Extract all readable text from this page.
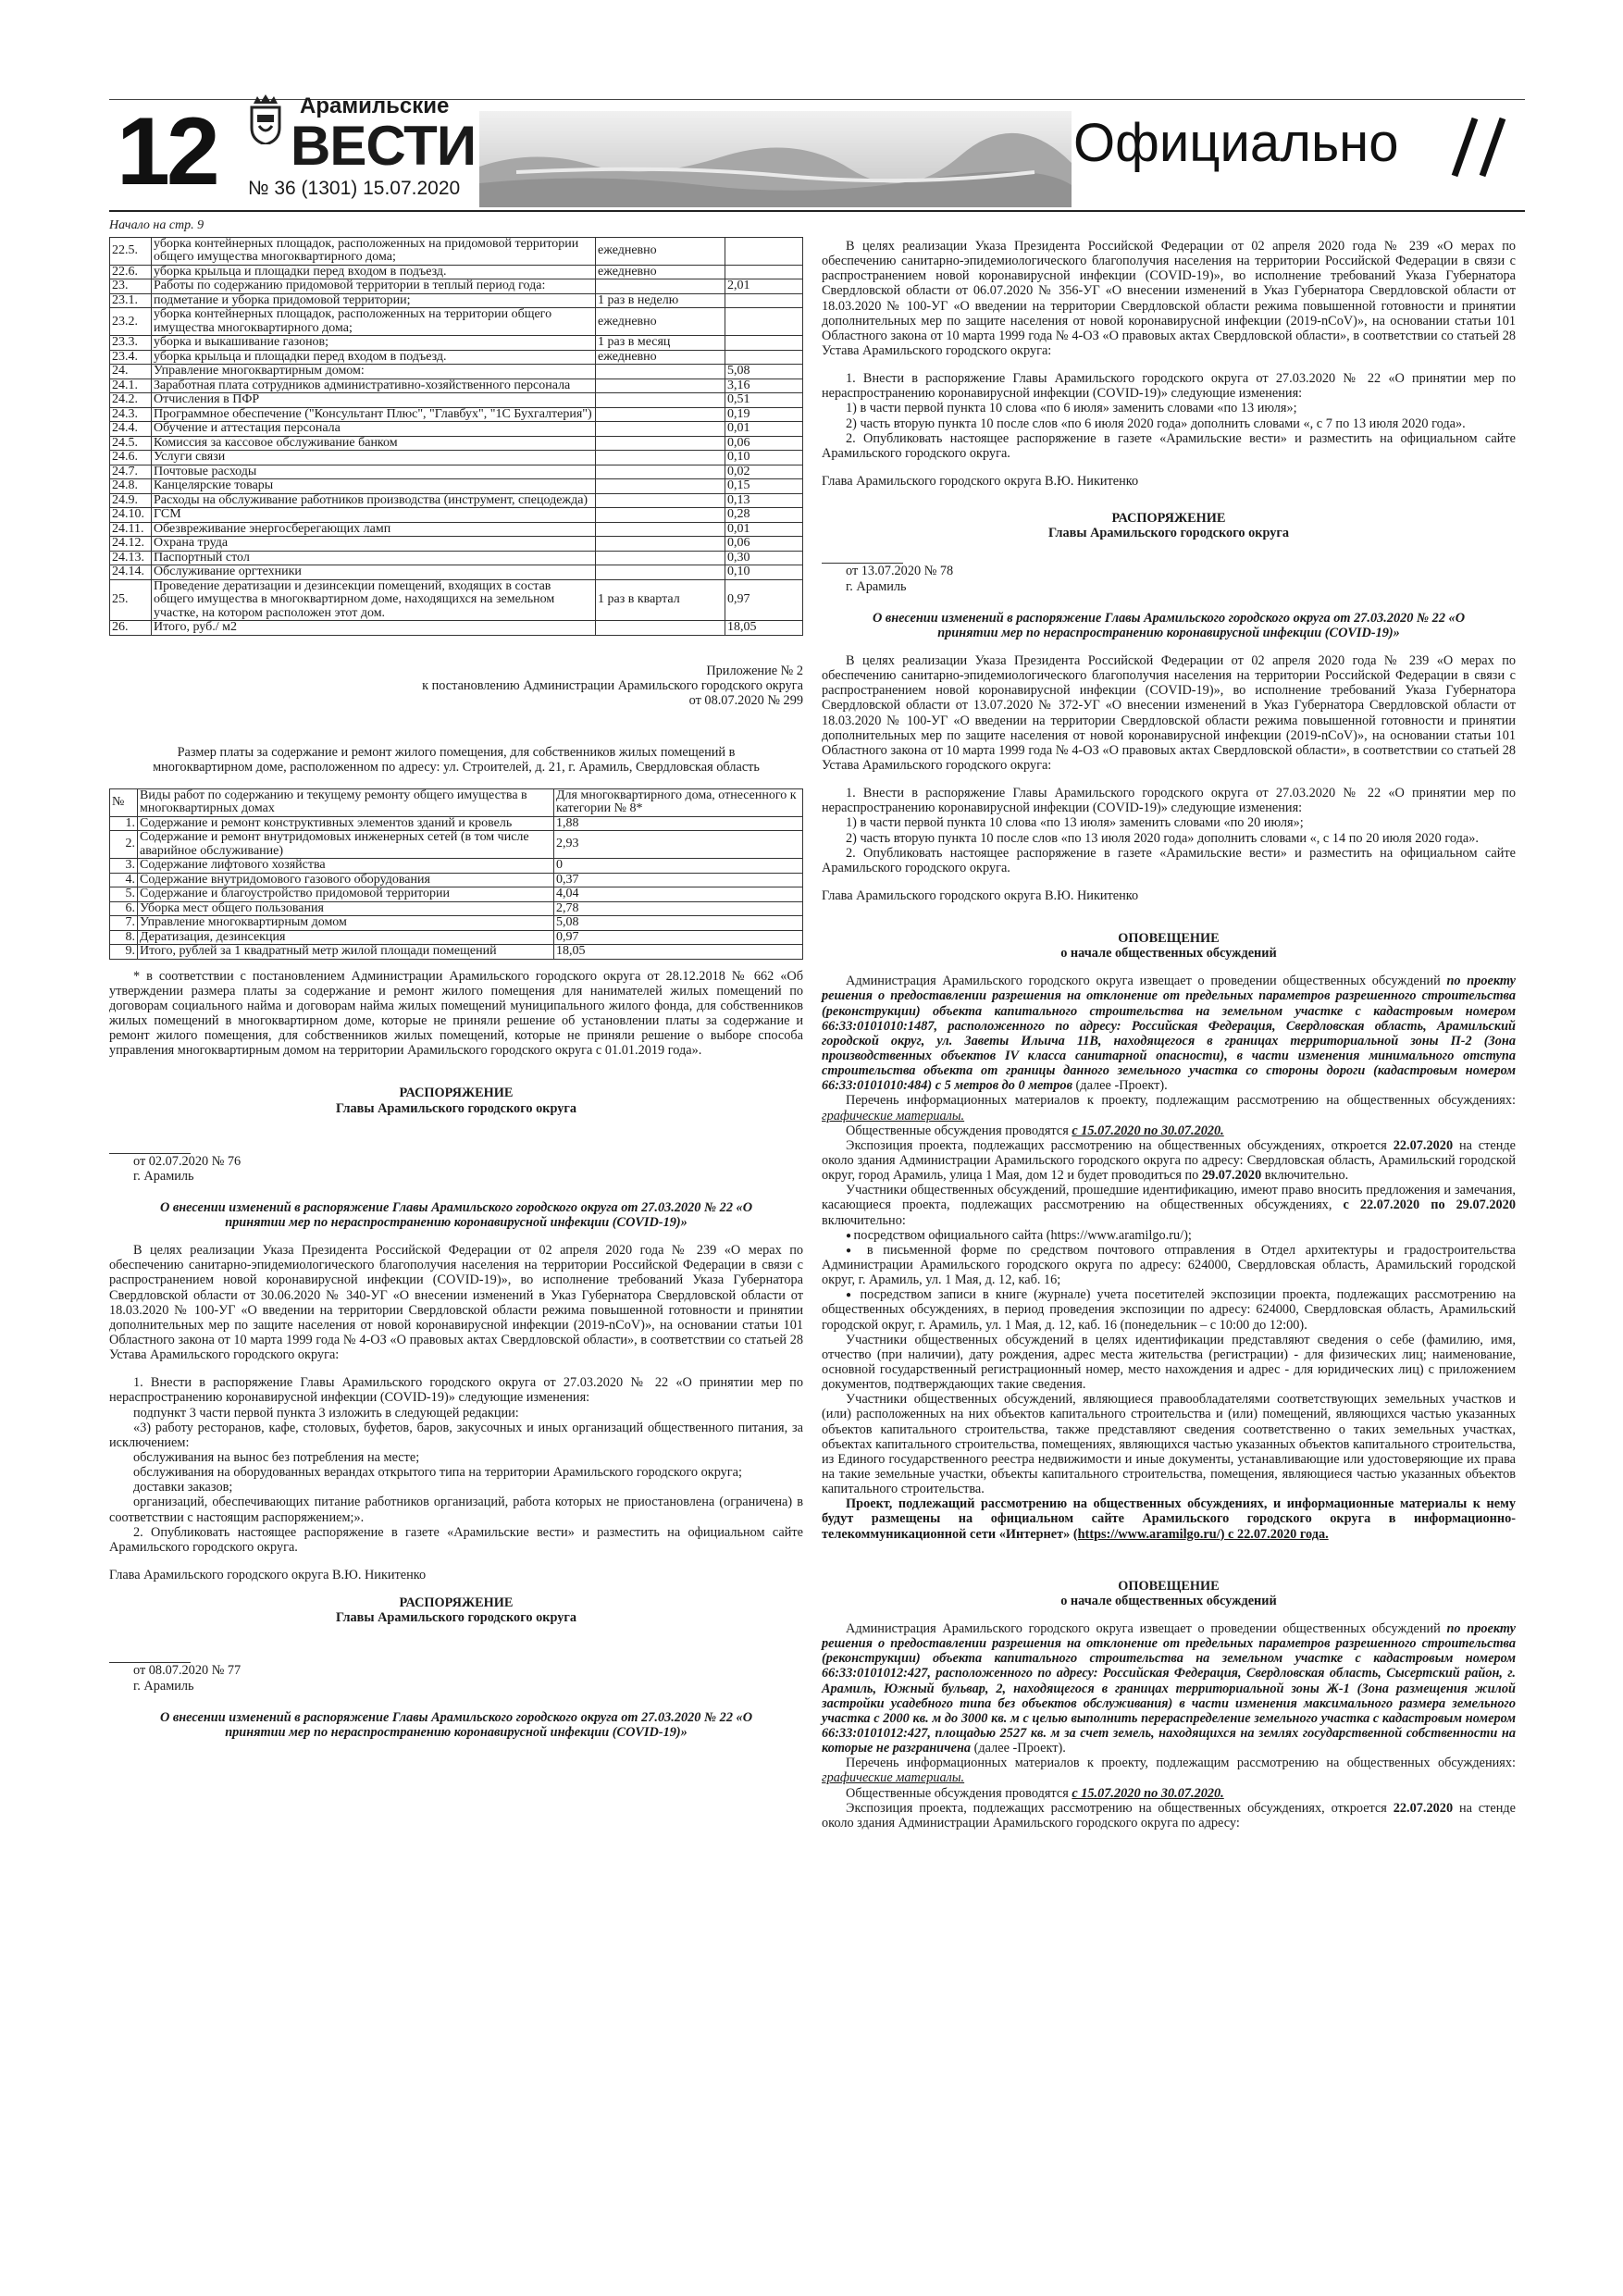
12	Арамильские
ВЕСТИ
№ 36 (1301) 15.07.2020
Официально
Начало на стр. 9
22.5.	уборка контейнерных площадок, расположенных на придомовой территории общего имущества многоквартирного дома;	ежедневно	
22.6.	уборка крыльца и площадки перед входом в подъезд.	ежедневно	
23.	Работы по содержанию придомовой территории в теплый период года:		2,01
23.1.	подметание и уборка придомовой территории;	1 раз в неделю	
23.2.	уборка контейнерных площадок, расположенных на территории общего имущества многоквартирного дома;	ежедневно	
23.3.	уборка и выкашивание газонов;	1 раз в месяц	
23.4.	уборка крыльца и площадки перед входом в подъезд.	ежедневно	
24.	Управление многоквартирным домом:		5,08
24.1.	Заработная плата сотрудников административно-хозяйственного персонала		3,16
24.2.	Отчисления в ПФР		0,51
24.3.	Программное обеспечение ("Консультант Плюс", "Главбух", "1С Бухгалтерия")		0,19
24.4.	Обучение и аттестация персонала		0,01
24.5.	Комиссия за кассовое обслуживание банком		0,06
24.6.	Услуги связи		0,10
24.7.	Почтовые расходы		0,02
24.8.	Канцелярские товары		0,15
24.9.	Расходы на обслуживание работников производства (инструмент, спецодежда)		0,13
24.10.	ГСМ		0,28
24.11.	Обезвреживание энергосберегающих ламп		0,01
24.12.	Охрана труда		0,06
24.13.	Паспортный стол		0,30
24.14.	Обслуживание оргтехники		0,10
25.	Проведение дератизации и дезинсекции помещений, входящих в состав общего имущества в многоквартирном доме, находящихся на земельном участке, на котором расположен этот дом.	1 раз в квартал	0,97
26.	Итого, руб./ м2		18,05
Приложение № 2
к постановлению Администрации Арамильского городского округа
от 08.07.2020 № 299

Размер платы за содержание и ремонт жилого помещения, для собственников жилых помещений в многоквартирном доме, расположенном по адресу: ул. Строителей, д. 21, г. Арамиль, Свердловская область

№	Виды работ по содержанию и текущему ремонту общего имущества в многоквартирных домах	Для многоквартирного дома, отнесенного к категории № 8*
1.	Содержание и ремонт конструктивных элементов зданий и кровель	1,88
2.	Содержание и ремонт внутридомовых инженерных сетей (в том числе аварийное обслуживание)	2,93
3.	Содержание лифтового хозяйства	0
4.	Содержание внутридомового газового оборудования	0,37
5.	Содержание и благоустройство придомовой территории	4,04
6.	Уборка мест общего пользования	2,78
7.	Управление многоквартирным домом	5,08
8.	Дератизация, дезинсекция	0,97
9.	Итого, рублей за 1 квадратный метр жилой площади помещений	18,05

* в соответствии с постановлением Администрации Арамильского городского округа от 28.12.2018 № 662 «Об утверждении размера платы за содержание и ремонт жилого помещения для нанимателей жилых помещений по договорам социального найма и договорам найма жилых помещений муниципального жилого фонда, для собственников жилых помещений в многоквартирном доме, которые не приняли решение об установлении платы за содержание и ремонт жилого помещения, для собственников жилых помещений, которые не приняли решение о выборе способа управления многоквартирным домом на территории Арамильского городского округа с 01.01.2019 года».

РАСПОРЯЖЕНИЕ

Главы Арамильского городского округа

от 02.07.2020 № 76

г. Арамиль

О внесении изменений в распоряжение Главы Арамильского городского округа от 27.03.2020 № 22 «О принятии мер по нераспространению коронавирусной инфекции (COVID-19)»

В целях реализации Указа Президента Российской Федерации от 02 апреля 2020 года № 239 «О мерах по обеспечению санитарно-эпидемиологического благополучия населения на территории Российской Федерации в связи с распространением новой коронавирусной инфекции (COVID-19)», во исполнение требований Указа Губернатора Свердловской области от 30.06.2020 № 340-УГ «О внесении изменений в Указ Губернатора Свердловской области от 18.03.2020 № 100-УГ «О введении на территории Свердловской области режима повышенной готовности и принятии дополнительных мер по защите населения от новой коронавирусной инфекции (2019-nCoV)», на основании статьи 101 Областного закона от 10 марта 1999 года № 4-ОЗ «О правовых актах Свердловской области», в соответствии со статьей 28 Устава Арамильского городского округа:

1. Внести в распоряжение Главы Арамильского городского округа от 27.03.2020 № 22 «О принятии мер по нераспространению коронавирусной инфекции (COVID-19)» следующие изменения:

подпункт 3 части первой пункта 3 изложить в следующей редакции:

«3) работу ресторанов, кафе, столовых, буфетов, баров, закусочных и иных организаций общественного питания, за исключением:

обслуживания на вынос без потребления на месте;

обслуживания на оборудованных верандах открытого типа на территории Арамильского городского округа;

доставки заказов;

организаций, обеспечивающих питание работников организаций, работа которых не приостановлена (ограничена) в соответствии с настоящим распоряжением;».

2. Опубликовать настоящее распоряжение в газете «Арамильские вести» и разместить на официальном сайте Арамильского городского округа.

Глава Арамильского городского округа В.Ю. Никитенко

РАСПОРЯЖЕНИЕ

Главы Арамильского городского округа

от 08.07.2020 № 77

г. Арамиль

О внесении изменений в распоряжение Главы Арамильского городского округа от 27.03.2020 № 22 «О принятии мер по нераспространению коронавирусной инфекции (COVID-19)»

В целях реализации Указа Президента Российской Федерации от 02 апреля 2020 года № 239 «О мерах по обеспечению санитарно-эпидемиологического благополучия населения на территории Российской Федерации в связи с распространением новой коронавирусной инфекции (COVID-19)», во исполнение требований Указа Губернатора Свердловской области от 06.07.2020 № 356-УГ «О внесении изменений в Указ Губернатора Свердловской области от 18.03.2020 № 100-УГ «О введении на территории Свердловской области режима повышенной готовности и принятии дополнительных мер по защите населения от новой коронавирусной инфекции (2019-nCoV)», на основании статьи 101 Областного закона от 10 марта 1999 года № 4-ОЗ «О правовых актах Свердловской области», в соответствии со статьей 28 Устава Арамильского городского округа:

1. Внести в распоряжение Главы Арамильского городского округа от 27.03.2020 № 22 «О принятии мер по нераспространению коронавирусной инфекции (COVID-19)» следующие изменения:

1) в части первой пункта 10 слова «по 6 июля» заменить словами «по 13 июля»;

2) часть вторую пункта 10 после слов «по 6 июля 2020 года» дополнить словами «, с 7 по 13 июля 2020 года».

2. Опубликовать настоящее распоряжение в газете «Арамильские вести» и разместить на официальном сайте Арамильского городского округа.

Глава Арамильского городского округа В.Ю. Никитенко

РАСПОРЯЖЕНИЕ

Главы Арамильского городского округа

от 13.07.2020 № 78

г. Арамиль

О внесении изменений в распоряжение Главы Арамильского городского округа от 27.03.2020 № 22 «О принятии мер по нераспространению коронавирусной инфекции (COVID-19)»

В целях реализации Указа Президента Российской Федерации от 02 апреля 2020 года № 239 «О мерах по обеспечению санитарно-эпидемиологического благополучия населения на территории Российской Федерации в связи с распространением новой коронавирусной инфекции (COVID-19)», во исполнение требований Указа Губернатора Свердловской области от 13.07.2020 № 372-УГ «О внесении изменений в Указ Губернатора Свердловской области от 18.03.2020 № 100-УГ «О введении на территории Свердловской области режима повышенной готовности и принятии дополнительных мер по защите населения от новой коронавирусной инфекции (2019-nCoV)», на основании статьи 101 Областного закона от 10 марта 1999 года № 4-ОЗ «О правовых актах Свердловской области», в соответствии со статьей 28 Устава Арамильского городского округа:

1. Внести в распоряжение Главы Арамильского городского округа от 27.03.2020 № 22 «О принятии мер по нераспространению коронавирусной инфекции (COVID-19)» следующие изменения:

1) в части первой пункта 10 слова «по 13 июля» заменить словами «по 20 июля»;

2) часть вторую пункта 10 после слов «по 13 июля 2020 года» дополнить словами «, с 14 по 20 июля 2020 года».

2. Опубликовать настоящее распоряжение в газете «Арамильские вести» и разместить на официальном сайте Арамильского городского округа.

Глава Арамильского городского округа В.Ю. Никитенко

ОПОВЕЩЕНИЕ

о начале общественных обсуждений

Администрация Арамильского городского округа извещает о проведении общественных обсуждений по проекту решения о предоставлении разрешения на отклонение от предельных параметров разрешенного строительства (реконструкции) объекта капитального строительства на земельном участке с кадастровым номером 66:33:0101010:1487, расположенного по адресу: Российская Федерация, Свердловская область, Арамильский городской округ, ул. Заветы Ильича 11В, находящегося в границах территориальной зоны П-2 (Зона производственных объектов IV класса санитарной опасности), в части изменения минимального отступа строительства объекта от границы данного земельного участка со стороны дороги (кадастровым номером 66:33:0101010:484) с 5 метров до 0 метров (далее -Проект).

Перечень информационных материалов к проекту, подлежащим рассмотрению на общественных обсуждениях: графические материалы.

Общественные обсуждения проводятся с 15.07.2020 по 30.07.2020.

Экспозиция проекта, подлежащих рассмотрению на общественных обсуждениях, откроется 22.07.2020 на стенде около здания Администрации Арамильского городского округа по адресу: Свердловская область, Арамильский городской округ, город Арамиль, улица 1 Мая, дом 12 и будет проводиться по 29.07.2020 включительно.

Участники общественных обсуждений, прошедшие идентификацию, имеют право вносить предложения и замечания, касающиеся проекта, подлежащих рассмотрению на общественных обсуждениях, с 22.07.2020 по 29.07.2020 включительно:

● посредством официального сайта (https://www.aramilgo.ru/);

● в письменной форме по средством почтового отправления в Отдел архитектуры и градостроительства Администрации Арамильского городского округа по адресу: 624000, Свердловская область, Арамильский городской округ, г. Арамиль, ул. 1 Мая, д. 12, каб. 16;

● посредством записи в книге (журнале) учета посетителей экспозиции проекта, подлежащих рассмотрению на общественных обсуждениях, в период проведения экспозиции по адресу: 624000, Свердловская область, Арамильский городской округ, г. Арамиль, ул. 1 Мая, д. 12, каб. 16 (понедельник – с 10:00 до 12:00).

Участники общественных обсуждений в целях идентификации представляют сведения о себе (фамилию, имя, отчество (при наличии), дату рождения, адрес места жительства (регистрации) - для физических лиц; наименование, основной государственный регистрационный номер, место нахождения и адрес - для юридических лиц) с приложением документов, подтверждающих такие сведения.

Участники общественных обсуждений, являющиеся правообладателями соответствующих земельных участков и (или) расположенных на них объектов капитального строительства и (или) помещений, являющихся частью указанных объектов капитального строительства, также представляют сведения соответственно о таких земельных участках, объектах капитального строительства, помещениях, являющихся частью указанных объектов капитального строительства, из Единого государственного реестра недвижимости и иные документы, устанавливающие или удостоверяющие их права на такие земельные участки, объекты капитального строительства, помещения, являющиеся частью указанных объектов капитального строительства.

Проект, подлежащий рассмотрению на общественных обсуждениях, и информационные материалы к нему будут размещены на официальном сайте Арамильского городского округа в информационно-телекоммуникационной сети «Интернет» (https://www.aramilgo.ru/) с 22.07.2020 года.

ОПОВЕЩЕНИЕ

о начале общественных обсуждений

Администрация Арамильского городского округа извещает о проведении общественных обсуждений по проекту решения о предоставлении разрешения на отклонение от предельных параметров разрешенного строительства (реконструкции) объекта капитального строительства на земельном участке с кадастровым номером 66:33:0101012:427, расположенного по адресу: Российская Федерация, Свердловская область, Сысертский район, г. Арамиль, Южный бульвар, 2, находящегося в границах территориальной зоны Ж-1 (Зона размещения жилой застройки усадебного типа без объектов обслуживания) в части изменения максимального размера земельного участка с 2000 кв. м до 3000 кв. м с целью выполнить перераспределение земельного участка с кадастровым номером 66:33:0101012:427, площадью 2527 кв. м за счет земель, находящихся на землях государственной собственности на которые не разграничена (далее -Проект).

Перечень информационных материалов к проекту, подлежащим рассмотрению на общественных обсуждениях: графические материалы.

Общественные обсуждения проводятся с 15.07.2020 по 30.07.2020.

Экспозиция проекта, подлежащих рассмотрению на общественных обсуждениях, откроется 22.07.2020 на стенде около здания Администрации Арамильского городского округа по адресу:
